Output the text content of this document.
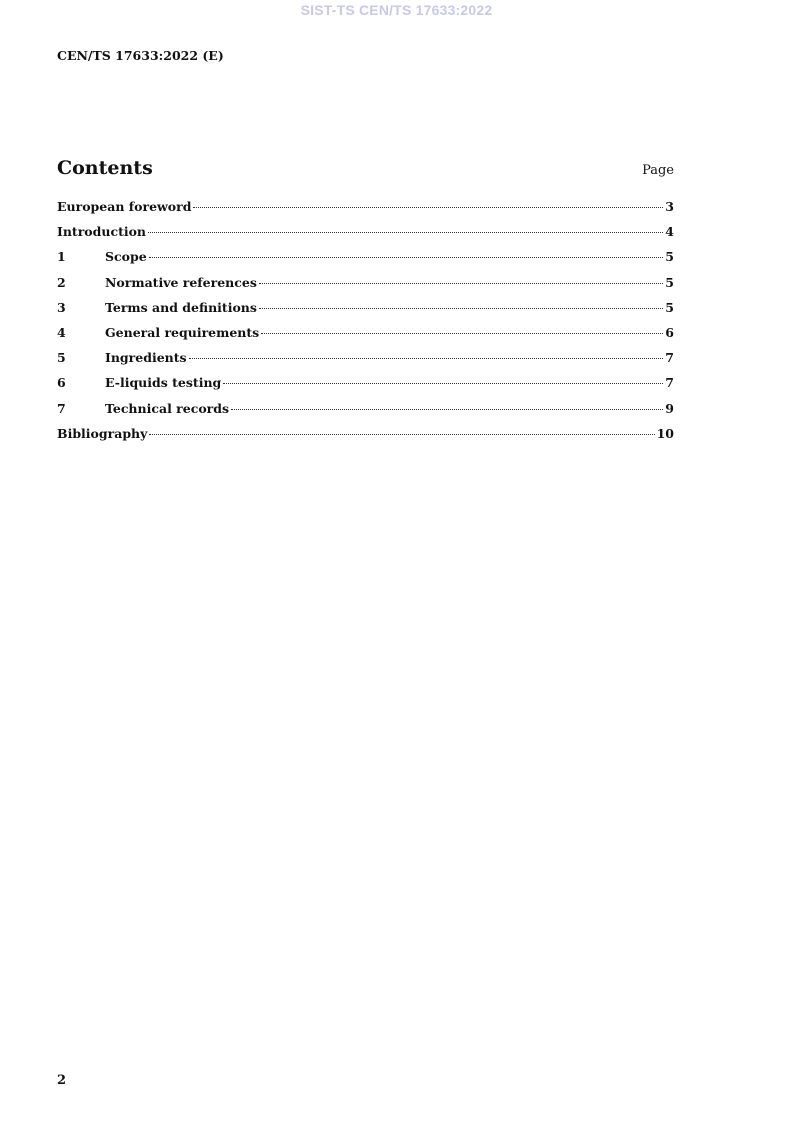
SIST-TS CEN/TS 17633:2022
CEN/TS 17633:2022 (E)
Contents	Page
European foreword	3
Introduction	4
1	Scope	5
2	Normative references	5
3	Terms and definitions	5
4	General requirements	6
5	Ingredients	7
6	E-liquids testing	7
7	Technical records	9
Bibliography	10
2
